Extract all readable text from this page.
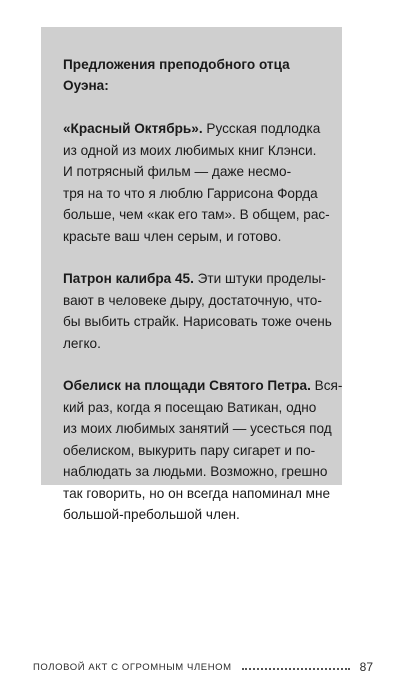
Предложения преподобного отца Оуэна:
«Красный Октябрь». Русская подлодка
из одной из моих любимых книг Клэнси.
И потрясный фильм — даже несмо-
тря на то что я люблю Гаррисона Форда
больше, чем «как его там». В общем, рас-
красьте ваш член серым, и готово.
Патрон калибра 45. Эти штуки проделы-
вают в человеке дыру, достаточную, что-
бы выбить страйк. Нарисовать тоже очень
легко.
Обелиск на площади Святого Петра. Вся-
кий раз, когда я посещаю Ватикан, одно
из моих любимых занятий — усесться под
обелиском, выкурить пару сигарет и по-
наблюдать за людьми. Возможно, грешно
так говорить, но он всегда напоминал мне
большой-пребольшой член.
ПОЛОВОЙ АКТ С ОГРОМНЫМ ЧЛЕНОМ	87
